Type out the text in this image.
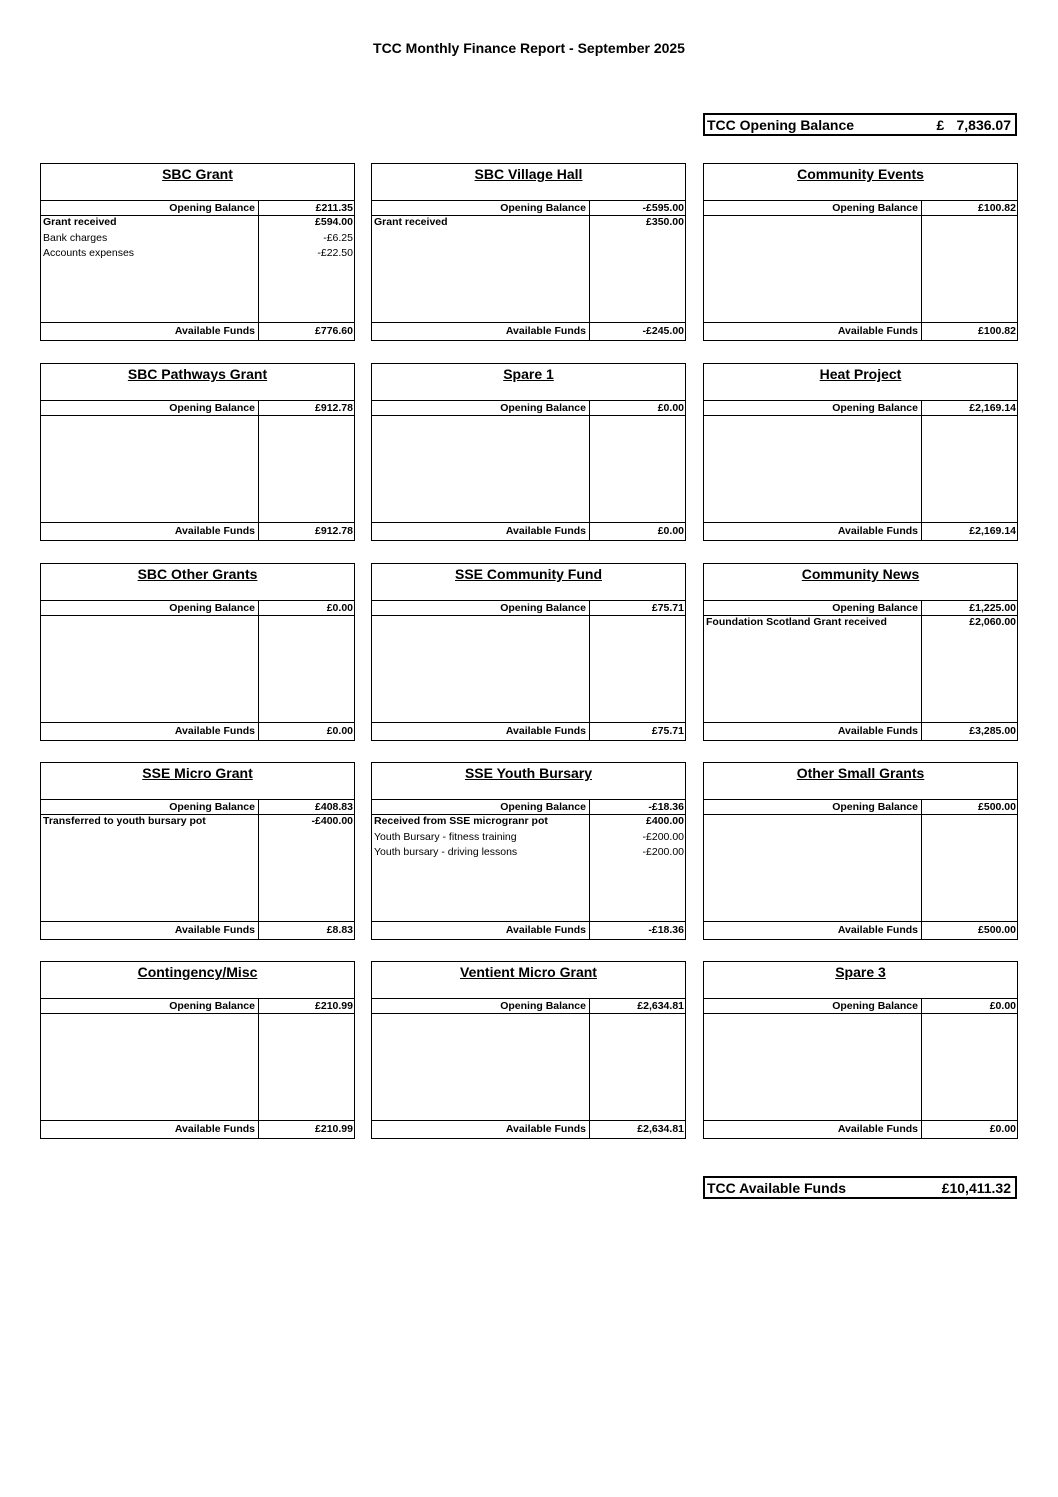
TCC Monthly Finance Report - September 2025
TCC Opening Balance	£ 7,836.07
SBC Grant
Opening Balance	£211.35
Grant received	£594.00
Bank charges	-£6.25
Accounts expenses	-£22.50
Available Funds	£776.60
SBC Village Hall
Opening Balance	-£595.00
Grant received	£350.00
Available Funds	-£245.00
Community Events
Opening Balance	£100.82
Available Funds	£100.82
SBC Pathways Grant
Opening Balance	£912.78
Available Funds	£912.78
Spare 1
Opening Balance	£0.00
Available Funds	£0.00
Heat Project
Opening Balance	£2,169.14
Available Funds	£2,169.14
SBC Other Grants
Opening Balance	£0.00
Available Funds	£0.00
SSE Community Fund
Opening Balance	£75.71
Available Funds	£75.71
Community News
Opening Balance	£1,225.00
Foundation Scotland Grant received	£2,060.00
Available Funds	£3,285.00
SSE Micro Grant
Opening Balance	£408.83
Transferred to youth bursary pot	-£400.00
Available Funds	£8.83
SSE Youth Bursary
Opening Balance	-£18.36
Received from SSE microgranr pot	£400.00
Youth Bursary - fitness training	-£200.00
Youth bursary - driving lessons	-£200.00
Available Funds	-£18.36
Other Small Grants
Opening Balance	£500.00
Available Funds	£500.00
Contingency/Misc
Opening Balance	£210.99
Available Funds	£210.99
Ventient Micro Grant
Opening Balance	£2,634.81
Available Funds	£2,634.81
Spare 3
Opening Balance	£0.00
Available Funds	£0.00
TCC Available Funds	£10,411.32
